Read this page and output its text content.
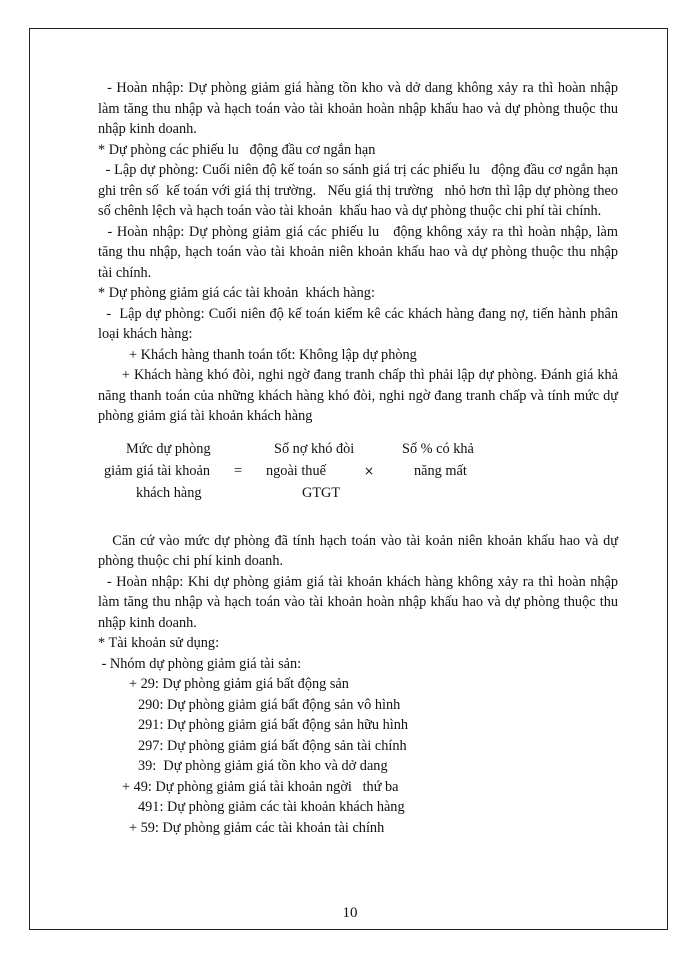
- Hoàn nhập: Dự phòng giảm giá hàng tồn kho và dở dang không xảy ra thì hoàn nhập làm tăng thu nhập và hạch toán vào tài khoản hoàn nhập khấu hao và dự phòng thuộc thu nhập kinh doanh.
* Dự phòng các phiếu lu   động đầu cơ ngắn hạn
- Lập dự phòng: Cuối niên độ kế toán so sánh giá trị các phiếu lu   động đầu cơ ngắn hạn ghi trên số  kế toán với giá thị trường.   Nếu giá thị trường   nhỏ hơn thì lập dự phòng theo số chênh lệch và hạch toán vào tài khoản  khấu hao và dự phòng thuộc chi phí tài chính.
- Hoàn nhập: Dự phòng giảm giá các phiếu lu   động không xảy ra thì hoàn nhập, làm tăng thu nhập, hạch toán vào tài khoản niên khoản khấu hao và dự phòng thuộc thu nhập tài chính.
* Dự phòng giảm giá các tài khoản  khách hàng:
-  Lập dự phòng: Cuối niên độ kế toán kiểm kê các khách hàng đang nợ, tiến hành phân loại khách hàng:
+ Khách hàng thanh toán tốt: Không lập dự phòng
+ Khách hàng khó đòi, nghi ngờ đang tranh chấp thì phải lập dự phòng. Đánh giá khả năng thanh toán của những khách hàng khó đòi, nghi ngờ đang tranh chấp và tính mức dự phòng giảm giá tài khoản khách hàng
Mức dự phòng
giảm giá tài khoản
khách hàng
=
Số nợ khó đòi
ngoài thuế
GTGT
×
Số % có khả
năng mất
Căn cứ vào mức dự phòng đã tính hạch toán vào tài koản niên khoản khấu hao và dự phòng thuộc chi phí kinh doanh.
- Hoàn nhập: Khi dự phòng giảm giá tài khoản khách hàng không xảy ra thì hoàn nhập làm tăng thu nhập và hạch toán vào tài khoản hoàn nhập khấu hao và dự phòng thuộc thu nhập kinh doanh.
* Tài khoản sử dụng:
- Nhóm dự phòng giảm giá tài sản:
+ 29: Dự phòng giảm giá bất động sản
290: Dự phòng giảm giá bất động sản vô hình
291: Dự phòng giảm giá bất động sản hữu hình
297: Dự phòng giảm giá bất động sản tài chính
39:  Dự phòng giảm giá tồn kho và dở dang
+ 49: Dự phòng giảm giá tài khoản ngời   thứ ba
491: Dự phòng giảm các tài khoản khách hàng
+ 59: Dự phòng giảm các tài khoản tài chính
10
